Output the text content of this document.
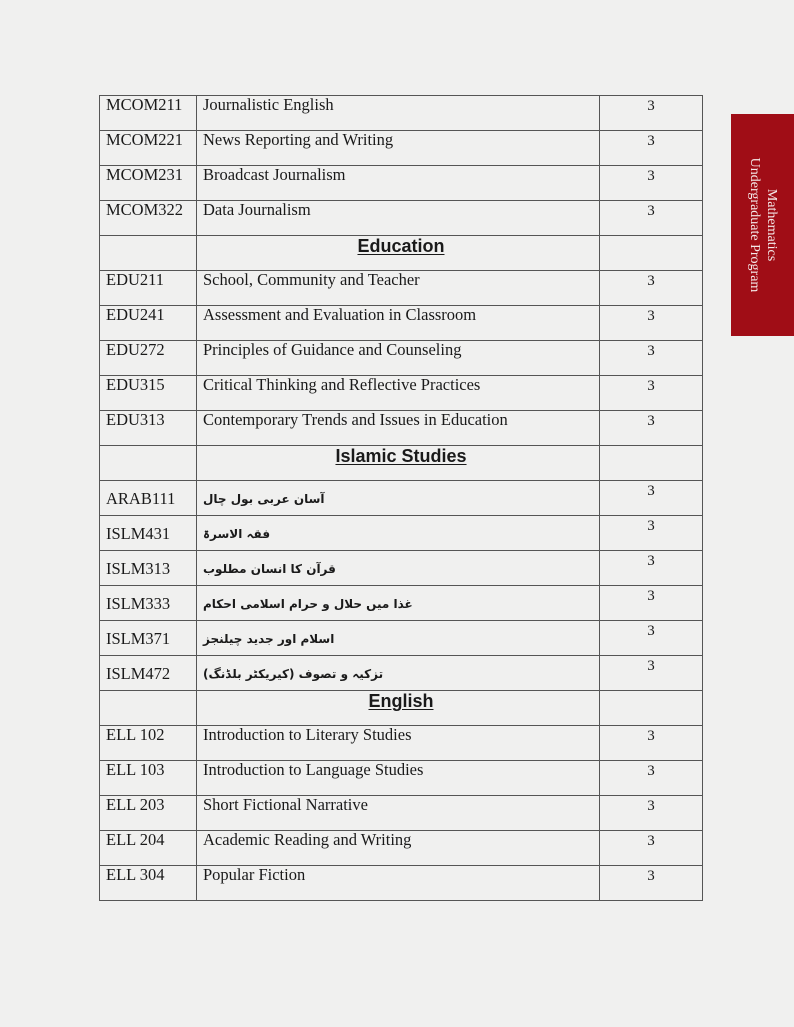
Mathematics
Undergraduate Program
MCOM211	Journalistic English	3

MCOM221	News Reporting and Writing	3

MCOM231	Broadcast Journalism	3

MCOM322	Data Journalism	3
	Education	

EDU211	School, Community and Teacher	3

EDU241	Assessment and Evaluation in Classroom	3

EDU272	Principles of Guidance and Counseling	3

EDU315	Critical Thinking and Reflective Practices	3

EDU313	Contemporary Trends and Issues in Education	3
	Islamic Studies	

ARAB111	آسان عربی بول چال	3

ISLM431	فقہ الاسرۃ	3

ISLM313	قرآن کا انسان مطلوب	3

ISLM333	غذا میں حلال و حرام اسلامی احکام	3

ISLM371	اسلام اور جدید چیلنجز	3

ISLM472	تزکیہ و تصوف (کیریکٹر بلڈنگ)	3
	English	

ELL 102	Introduction to Literary Studies	3

ELL 103	Introduction to Language Studies	3

ELL 203	Short Fictional Narrative	3

ELL 204	Academic Reading and Writing	3

ELL 304	Popular Fiction	3
